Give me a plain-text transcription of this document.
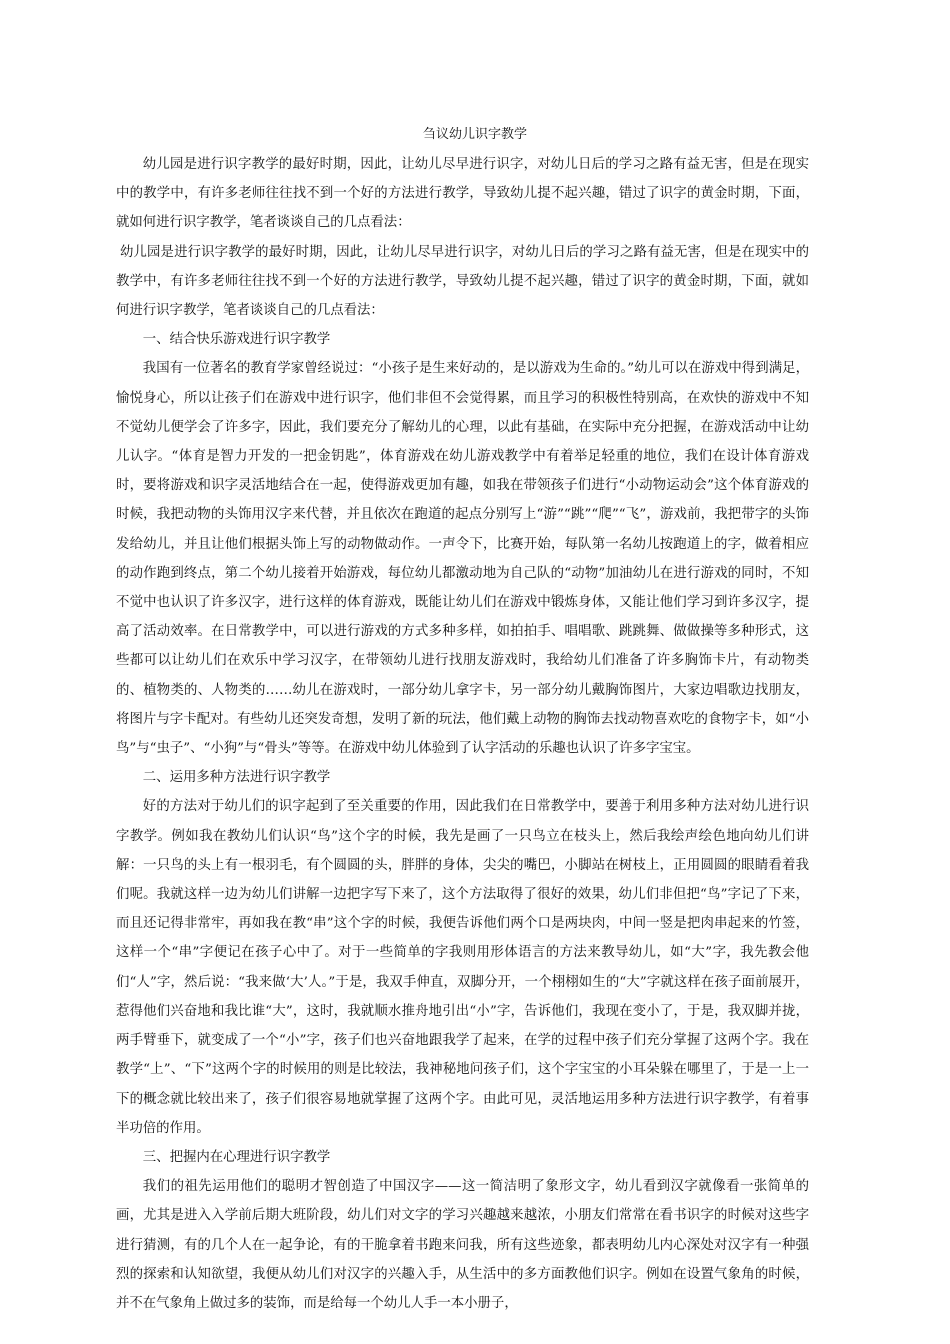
刍议幼儿识字教学

幼儿园是进行识字教学的最好时期，因此，让幼儿尽早进行识字，对幼儿日后的学习之路有益无害，但是在现实中的教学中，有许多老师往往找不到一个好的方法进行教学，导致幼儿提不起兴趣，错过了识字的黄金时期，下面，就如何进行识字教学，笔者谈谈自己的几点看法：

幼儿园是进行识字教学的最好时期，因此，让幼儿尽早进行识字，对幼儿日后的学习之路有益无害，但是在现实中的教学中，有许多老师往往找不到一个好的方法进行教学，导致幼儿提不起兴趣，错过了识字的黄金时期，下面，就如何进行识字教学，笔者谈谈自己的几点看法：

一、结合快乐游戏进行识字教学

我国有一位著名的教育学家曾经说过：“小孩子是生来好动的，是以游戏为生命的。”幼儿可以在游戏中得到满足，愉悦身心，所以让孩子们在游戏中进行识字，他们非但不会觉得累，而且学习的积极性特别高，在欢快的游戏中不知不觉幼儿便学会了许多字，因此，我们要充分了解幼儿的心理，以此有基础，在实际中充分把握，在游戏活动中让幼儿认字。“体育是智力开发的一把金钥匙”，体育游戏在幼儿游戏教学中有着举足轻重的地位，我们在设计体育游戏时，要将游戏和识字灵活地结合在一起，使得游戏更加有趣，如我在带领孩子们进行“小动物运动会”这个体育游戏的时候，我把动物的头饰用汉字来代替，并且依次在跑道的起点分别写上“游”“跳”“爬”“飞”，游戏前，我把带字的头饰发给幼儿，并且让他们根据头饰上写的动物做动作。一声令下，比赛开始，每队第一名幼儿按跑道上的字，做着相应的动作跑到终点，第二个幼儿接着开始游戏，每位幼儿都激动地为自己队的“动物”加油幼儿在进行游戏的同时，不知不觉中也认识了许多汉字，进行这样的体育游戏，既能让幼儿们在游戏中锻炼身体，又能让他们学习到许多汉字，提高了活动效率。在日常教学中，可以进行游戏的方式多种多样，如拍拍手、唱唱歌、跳跳舞、做做操等多种形式，这些都可以让幼儿们在欢乐中学习汉字，在带领幼儿进行找朋友游戏时，我给幼儿们准备了许多胸饰卡片，有动物类的、植物类的、人物类的……幼儿在游戏时，一部分幼儿拿字卡，另一部分幼儿戴胸饰图片，大家边唱歌边找朋友，将图片与字卡配对。有些幼儿还突发奇想，发明了新的玩法，他们戴上动物的胸饰去找动物喜欢吃的食物字卡，如“小鸟”与“虫子”、“小狗”与“骨头”等等。在游戏中幼儿体验到了认字活动的乐趣也认识了许多字宝宝。

二、运用多种方法进行识字教学

好的方法对于幼儿们的识字起到了至关重要的作用，因此我们在日常教学中，要善于利用多种方法对幼儿进行识字教学。例如我在教幼儿们认识“鸟”这个字的时候，我先是画了一只鸟立在枝头上，然后我绘声绘色地向幼儿们讲解：一只鸟的头上有一根羽毛，有个圆圆的头，胖胖的身体，尖尖的嘴巴，小脚站在树枝上，正用圆圆的眼睛看着我们呢。我就这样一边为幼儿们讲解一边把字写下来了，这个方法取得了很好的效果，幼儿们非但把“鸟”字记了下来，而且还记得非常牢，再如我在教“串”这个字的时候，我便告诉他们两个口是两块肉，中间一竖是把肉串起来的竹签，这样一个“串”字便记在孩子心中了。对于一些简单的字我则用形体语言的方法来教导幼儿，如“大”字，我先教会他们“人”字，然后说：“我来做‘大’人。”于是，我双手伸直，双脚分开，一个栩栩如生的“大”字就这样在孩子面前展开，惹得他们兴奋地和我比谁“大”，这时，我就顺水推舟地引出“小”字，告诉他们，我现在变小了，于是，我双脚并拢，两手臂垂下，就变成了一个“小”字，孩子们也兴奋地跟我学了起来，在学的过程中孩子们充分掌握了这两个字。我在教学“上”、“下”这两个字的时候用的则是比较法，我神秘地问孩子们，这个字宝宝的小耳朵躲在哪里了，于是一上一下的概念就比较出来了，孩子们很容易地就掌握了这两个字。由此可见，灵活地运用多种方法进行识字教学，有着事半功倍的作用。

三、把握内在心理进行识字教学

我们的祖先运用他们的聪明才智创造了中国汉字——这一简洁明了象形文字，幼儿看到汉字就像看一张简单的画，尤其是进入入学前后期大班阶段，幼儿们对文字的学习兴趣越来越浓，小朋友们常常在看书识字的时候对这些字进行猜测，有的几个人在一起争论，有的干脆拿着书跑来问我，所有这些迹象，都表明幼儿内心深处对汉字有一种强烈的探索和认知欲望，我便从幼儿们对汉字的兴趣入手，从生活中的多方面教他们识字。例如在设置气象角的时候，并不在气象角上做过多的装饰，而是给每一个幼儿人手一本小册子，
